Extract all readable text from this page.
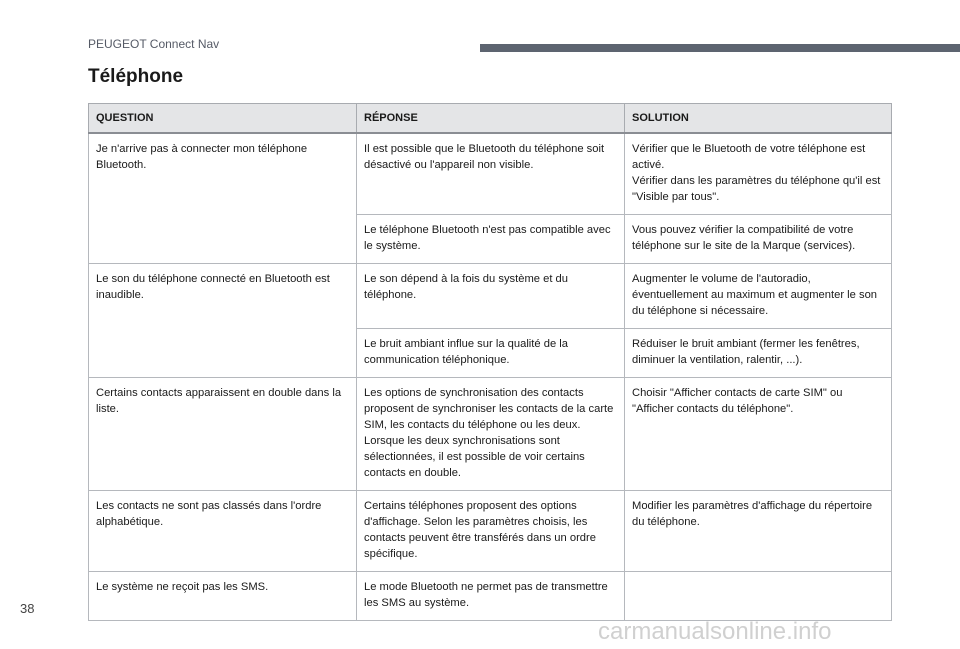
PEUGEOT Connect Nav
Téléphone
QUESTION	RÉPONSE	SOLUTION
Je n'arrive pas à connecter mon téléphone Bluetooth.	Il est possible que le Bluetooth du téléphone soit désactivé ou l'appareil non visible.	Vérifier que le Bluetooth de votre téléphone est activé.
Vérifier dans les paramètres du téléphone qu'il est "Visible par tous".
	Le téléphone Bluetooth n'est pas compatible avec le système.	Vous pouvez vérifier la compatibilité de votre téléphone sur le site de la Marque (services).
Le son du téléphone connecté en Bluetooth est inaudible.	Le son dépend à la fois du système et du téléphone.	Augmenter le volume de l'autoradio, éventuellement au maximum et augmenter le son du téléphone si nécessaire.
	Le bruit ambiant influe sur la qualité de la communication téléphonique.	Réduiser le bruit ambiant (fermer les fenêtres, diminuer la ventilation, ralentir, ...).
Certains contacts apparaissent en double dans la liste.	Les options de synchronisation des contacts proposent de synchroniser les contacts de la carte SIM, les contacts du téléphone ou les deux. Lorsque les deux synchronisations sont sélectionnées, il est possible de voir certains contacts en double.	Choisir "Afficher contacts de carte SIM" ou "Afficher contacts du téléphone".
Les contacts ne sont pas classés dans l'ordre alphabétique.	Certains téléphones proposent des options d'affichage. Selon les paramètres choisis, les contacts peuvent être transférés dans un ordre spécifique.	Modifier les paramètres d'affichage du répertoire du téléphone.
Le système ne reçoit pas les SMS.	Le mode Bluetooth ne permet pas de transmettre les SMS au système.	
38
carmanualsonline.info
